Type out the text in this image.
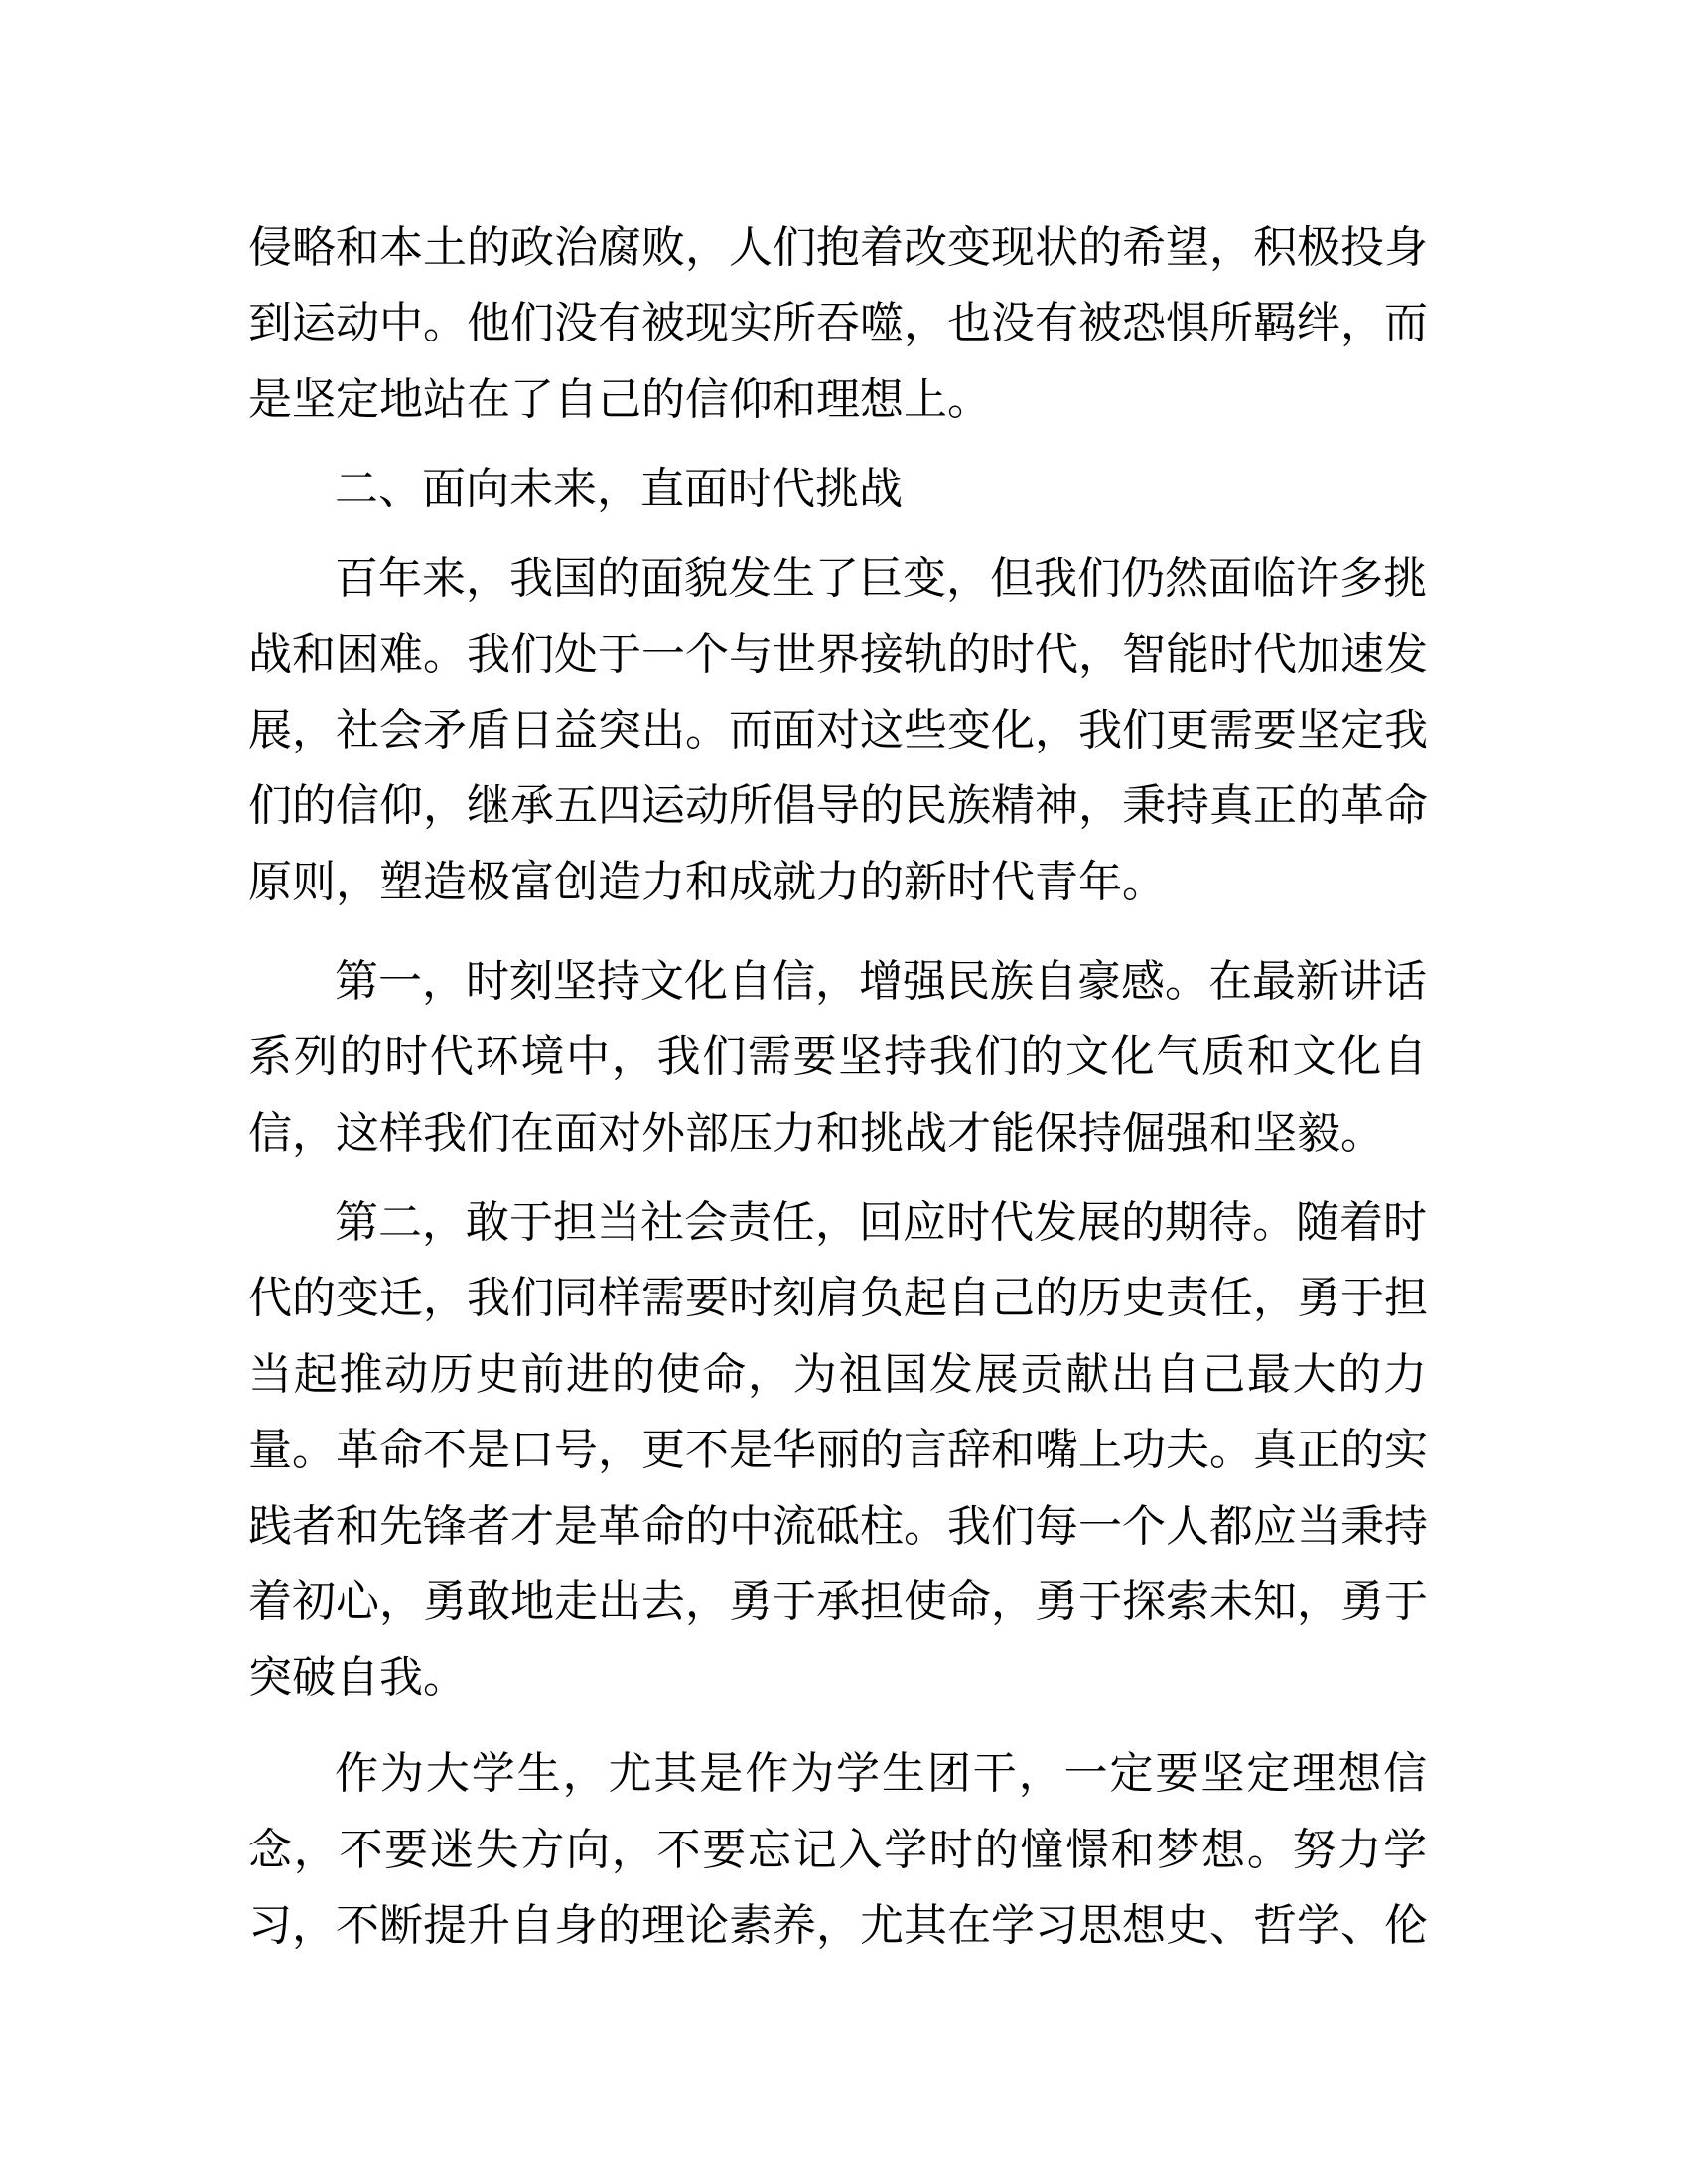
侵略和本土的政治腐败，人们抱着改变现状的希望，积极投身
到运动中。他们没有被现实所吞噬，也没有被恐惧所羁绊，而
是坚定地站在了自己的信仰和理想上。
二、面向未来，直面时代挑战
百年来，我国的面貌发生了巨变，但我们仍然面临许多挑
战和困难。我们处于一个与世界接轨的时代，智能时代加速发
展，社会矛盾日益突出。而面对这些变化，我们更需要坚定我
们的信仰，继承五四运动所倡导的民族精神，秉持真正的革命
原则，塑造极富创造力和成就力的新时代青年。
第一，时刻坚持文化自信，增强民族自豪感。在最新讲话
系列的时代环境中，我们需要坚持我们的文化气质和文化自
信，这样我们在面对外部压力和挑战才能保持倔强和坚毅。
第二，敢于担当社会责任，回应时代发展的期待。随着时
代的变迁，我们同样需要时刻肩负起自己的历史责任，勇于担
当起推动历史前进的使命，为祖国发展贡献出自己最大的力
量。革命不是口号，更不是华丽的言辞和嘴上功夫。真正的实
践者和先锋者才是革命的中流砥柱。我们每一个人都应当秉持
着初心，勇敢地走出去，勇于承担使命，勇于探索未知，勇于
突破自我。
作为大学生，尤其是作为学生团干，一定要坚定理想信
念，不要迷失方向，不要忘记入学时的憧憬和梦想。努力学
习，不断提升自身的理论素养，尤其在学习思想史、哲学、伦
